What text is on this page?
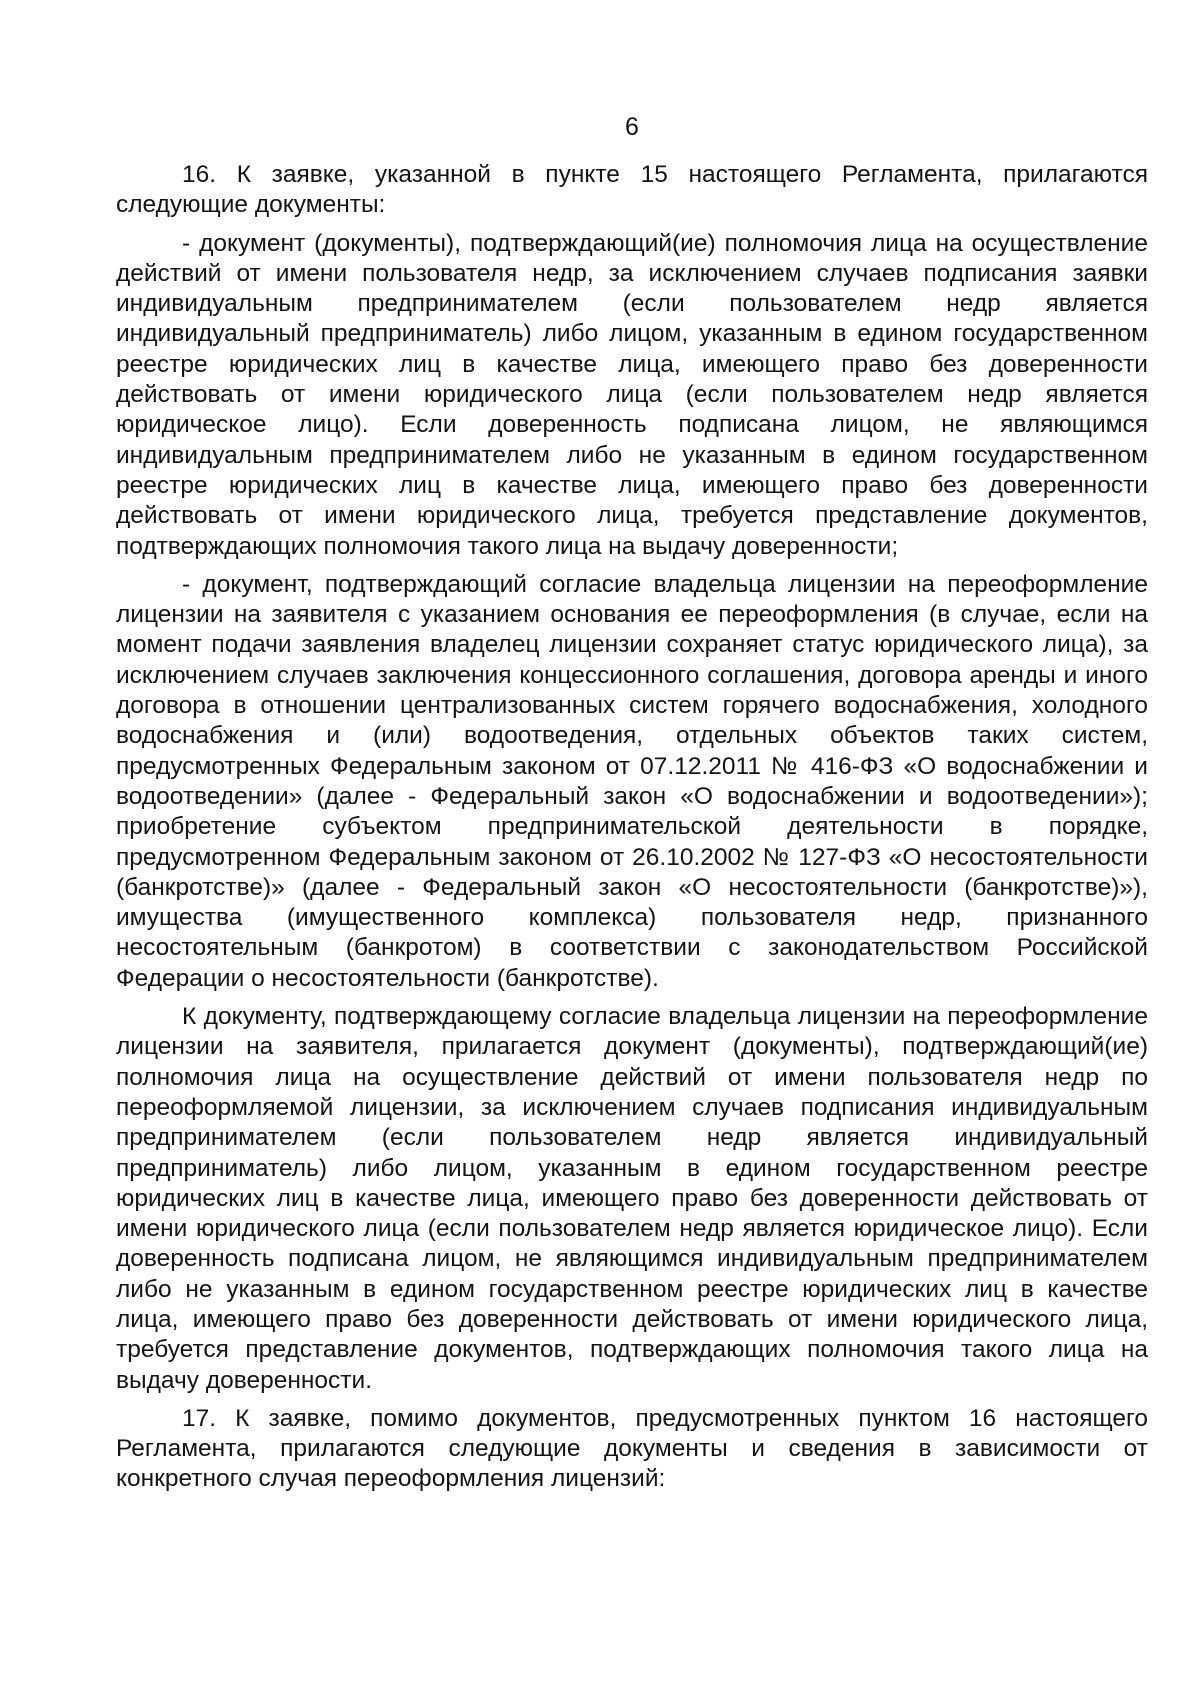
6

16. К заявке, указанной в пункте 15 настоящего Регламента, прилагаются следующие документы:

- документ (документы), подтверждающий(ие) полномочия лица на осуществление действий от имени пользователя недр, за исключением случаев подписания заявки индивидуальным предпринимателем (если пользователем недр является индивидуальный предприниматель) либо лицом, указанным в едином государственном реестре юридических лиц в качестве лица, имеющего право без доверенности действовать от имени юридического лица (если пользователем недр является юридическое лицо). Если доверенность подписана лицом, не являющимся индивидуальным предпринимателем либо не указанным в едином государственном реестре юридических лиц в качестве лица, имеющего право без доверенности действовать от имени юридического лица, требуется представление документов, подтверждающих полномочия такого лица на выдачу доверенности;

- документ, подтверждающий согласие владельца лицензии на переоформление лицензии на заявителя с указанием основания ее переоформления (в случае, если на момент подачи заявления владелец лицензии сохраняет статус юридического лица), за исключением случаев заключения концессионного соглашения, договора аренды и иного договора в отношении централизованных систем горячего водоснабжения, холодного водоснабжения и (или) водоотведения, отдельных объектов таких систем, предусмотренных Федеральным законом от 07.12.2011 № 416-ФЗ «О водоснабжении и водоотведении» (далее - Федеральный закон «О водоснабжении и водоотведении»); приобретение субъектом предпринимательской деятельности в порядке, предусмотренном Федеральным законом от 26.10.2002 № 127-ФЗ «О несостоятельности (банкротстве)» (далее - Федеральный закон «О несостоятельности (банкротстве)»), имущества (имущественного комплекса) пользователя недр, признанного несостоятельным (банкротом) в соответствии с законодательством Российской Федерации о несостоятельности (банкротстве).

К документу, подтверждающему согласие владельца лицензии на переоформление лицензии на заявителя, прилагается документ (документы), подтверждающий(ие) полномочия лица на осуществление действий от имени пользователя недр по переоформляемой лицензии, за исключением случаев подписания индивидуальным предпринимателем (если пользователем недр является индивидуальный предприниматель) либо лицом, указанным в едином государственном реестре юридических лиц в качестве лица, имеющего право без доверенности действовать от имени юридического лица (если пользователем недр является юридическое лицо). Если доверенность подписана лицом, не являющимся индивидуальным предпринимателем либо не указанным в едином государственном реестре юридических лиц в качестве лица, имеющего право без доверенности действовать от имени юридического лица, требуется представление документов, подтверждающих полномочия такого лица на выдачу доверенности.

17. К заявке, помимо документов, предусмотренных пунктом 16 настоящего Регламента, прилагаются следующие документы и сведения в зависимости от конкретного случая переоформления лицензий:
